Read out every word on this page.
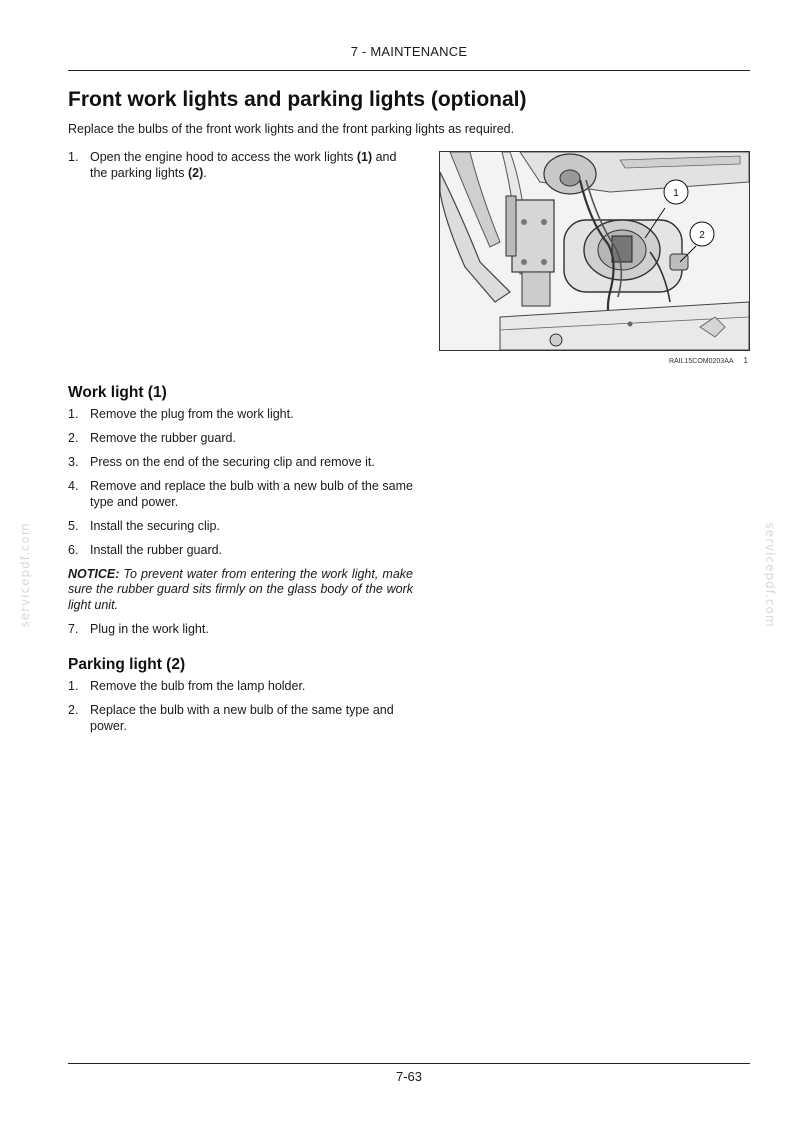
7 - MAINTENANCE
Front work lights and parking lights (optional)

Replace the bulbs of the front work lights and the front parking lights as required.

1. Open the engine hood to access the work lights (1) and the parking lights (2).
1
2
RAIL15COM0203AA 1
Work light (1)
1. Remove the plug from the work light.
2. Remove the rubber guard.
3. Press on the end of the securing clip and remove it.
4. Remove and replace the bulb with a new bulb of the same type and power.
5. Install the securing clip.
6. Install the rubber guard.

NOTICE: To prevent water from entering the work light, make sure the rubber guard sits firmly on the glass body of the work light unit.

7. Plug in the work light.
Parking light (2)
1. Remove the bulb from the lamp holder.
2. Replace the bulb with a new bulb of the same type and power.
servicepdf.com	servicepdf.com
7-63
